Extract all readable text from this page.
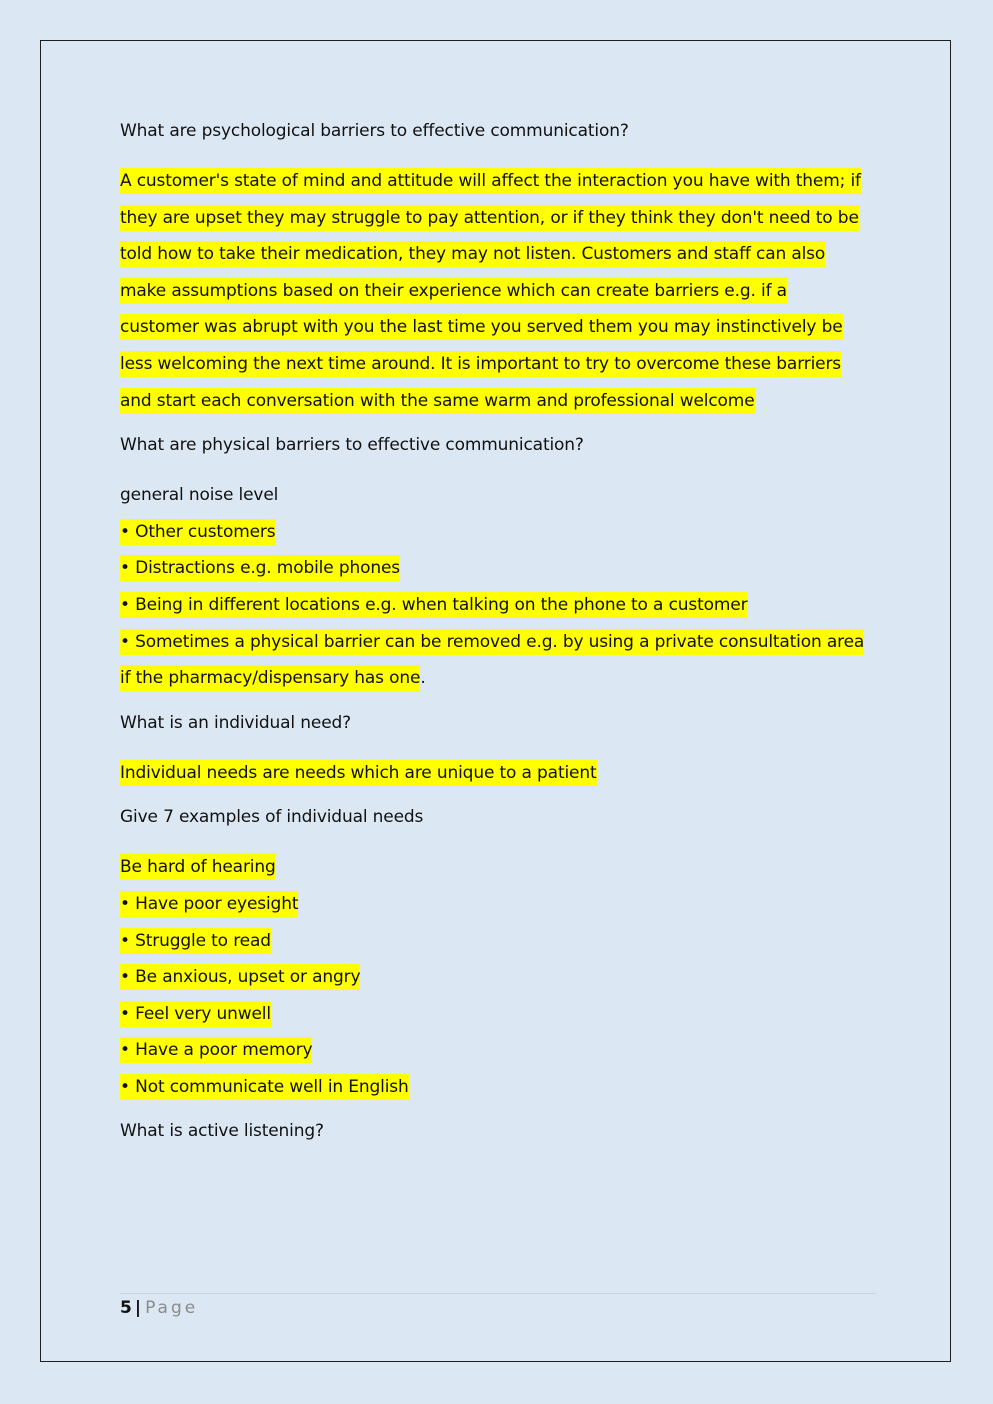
What are psychological barriers to effective communication?

A customer's state of mind and attitude will affect the interaction you have with them; if
they are upset they may struggle to pay attention, or if they think they don't need to be
told how to take their medication, they may not listen. Customers and staff can also
make assumptions based on their experience which can create barriers e.g. if a
customer was abrupt with you the last time you served them you may instinctively be
less welcoming the next time around. It is important to try to overcome these barriers
and start each conversation with the same warm and professional welcome

What are physical barriers to effective communication?

general noise level
• Other customers
• Distractions e.g. mobile phones
• Being in different locations e.g. when talking on the phone to a customer
• Sometimes a physical barrier can be removed e.g. by using a private consultation area
if the pharmacy/dispensary has one.

What is an individual need?

Individual needs are needs which are unique to a patient

Give 7 examples of individual needs

Be hard of hearing
• Have poor eyesight
• Struggle to read
• Be anxious, upset or angry
• Feel very unwell
• Have a poor memory
• Not communicate well in English

What is active listening?

5 | Page
